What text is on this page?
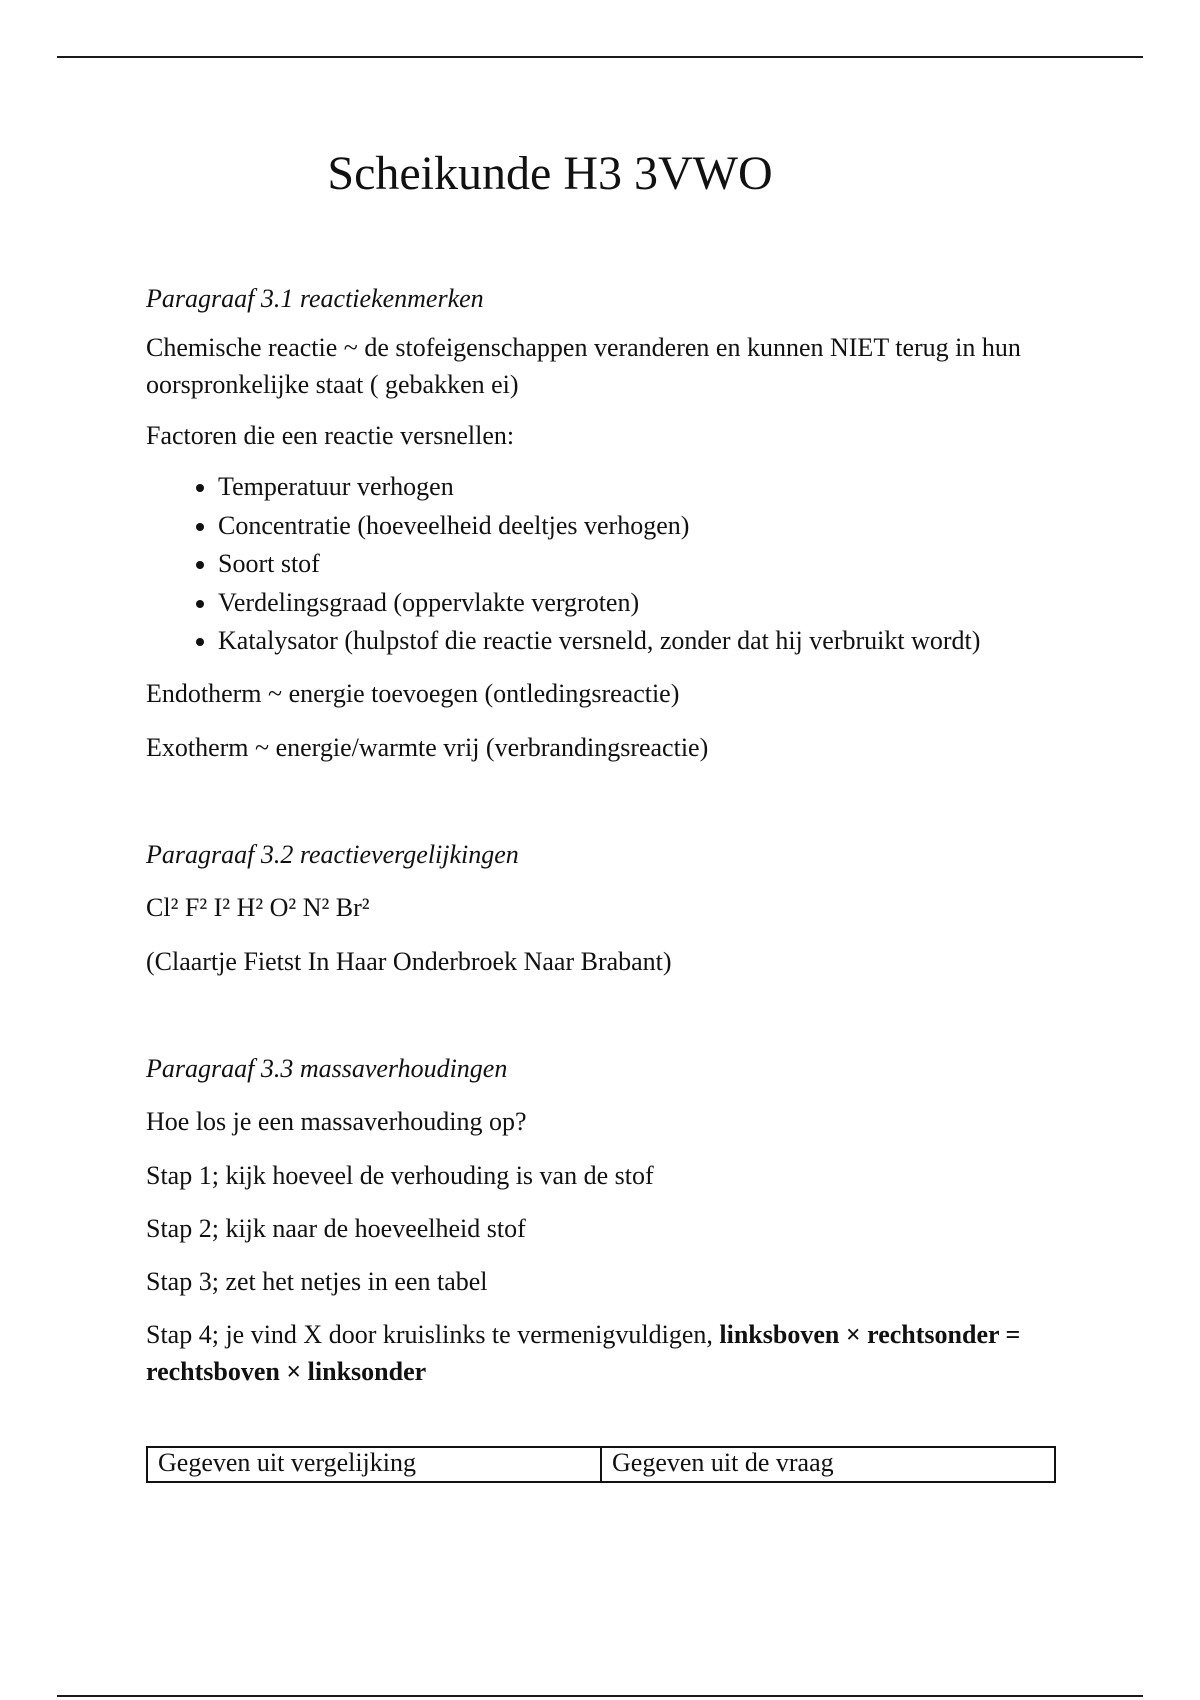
Scheikunde H3 3VWO

Paragraaf 3.1 reactiekenmerken

Chemische reactie ~ de stofeigenschappen veranderen en kunnen NIET terug in hun oorspronkelijke staat ( gebakken ei)

Factoren die een reactie versnellen:

• Temperatuur verhogen
• Concentratie (hoeveelheid deeltjes verhogen)
• Soort stof
• Verdelingsgraad (oppervlakte vergroten)
• Katalysator (hulpstof die reactie versneld, zonder dat hij verbruikt wordt)

Endotherm ~ energie toevoegen (ontledingsreactie)

Exotherm ~ energie/warmte vrij (verbrandingsreactie)

Paragraaf 3.2 reactievergelijkingen

Cl² F² I² H² O² N² Br²

(Claartje Fietst In Haar Onderbroek Naar Brabant)

Paragraaf 3.3 massaverhoudingen

Hoe los je een massaverhouding op?

Stap 1; kijk hoeveel de verhouding is van de stof

Stap 2; kijk naar de hoeveelheid stof

Stap 3; zet het netjes in een tabel

Stap 4; je vind X door kruislinks te vermenigvuldigen, linksboven × rechtsonder = rechtsboven × linksonder

Gegeven uit vergelijking	Gegeven uit de vraag
